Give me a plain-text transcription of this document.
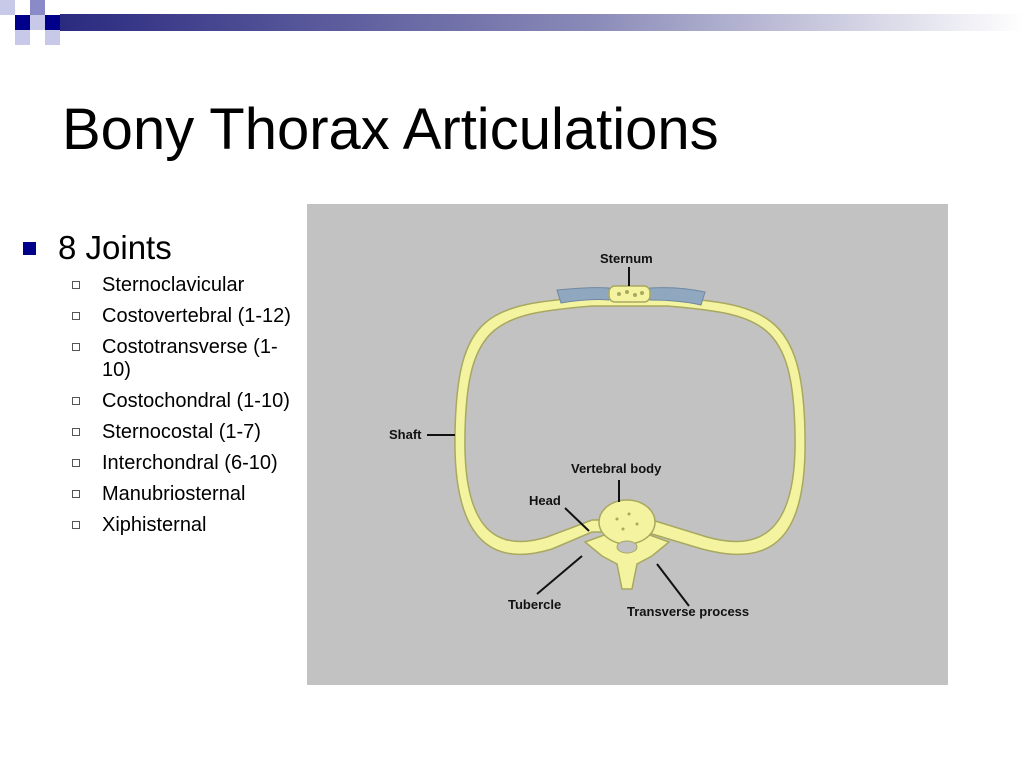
Bony Thorax Articulations
8 Joints
Sternoclavicular
Costovertebral (1-12)
Costotransverse (1-10)
Costochondral (1-10)
Sternocostal (1-7)
Interchondral (6-10)
Manubriosternal
Xiphisternal
Sternum
Shaft
Vertebral body
Head
Tubercle	Transverse process
